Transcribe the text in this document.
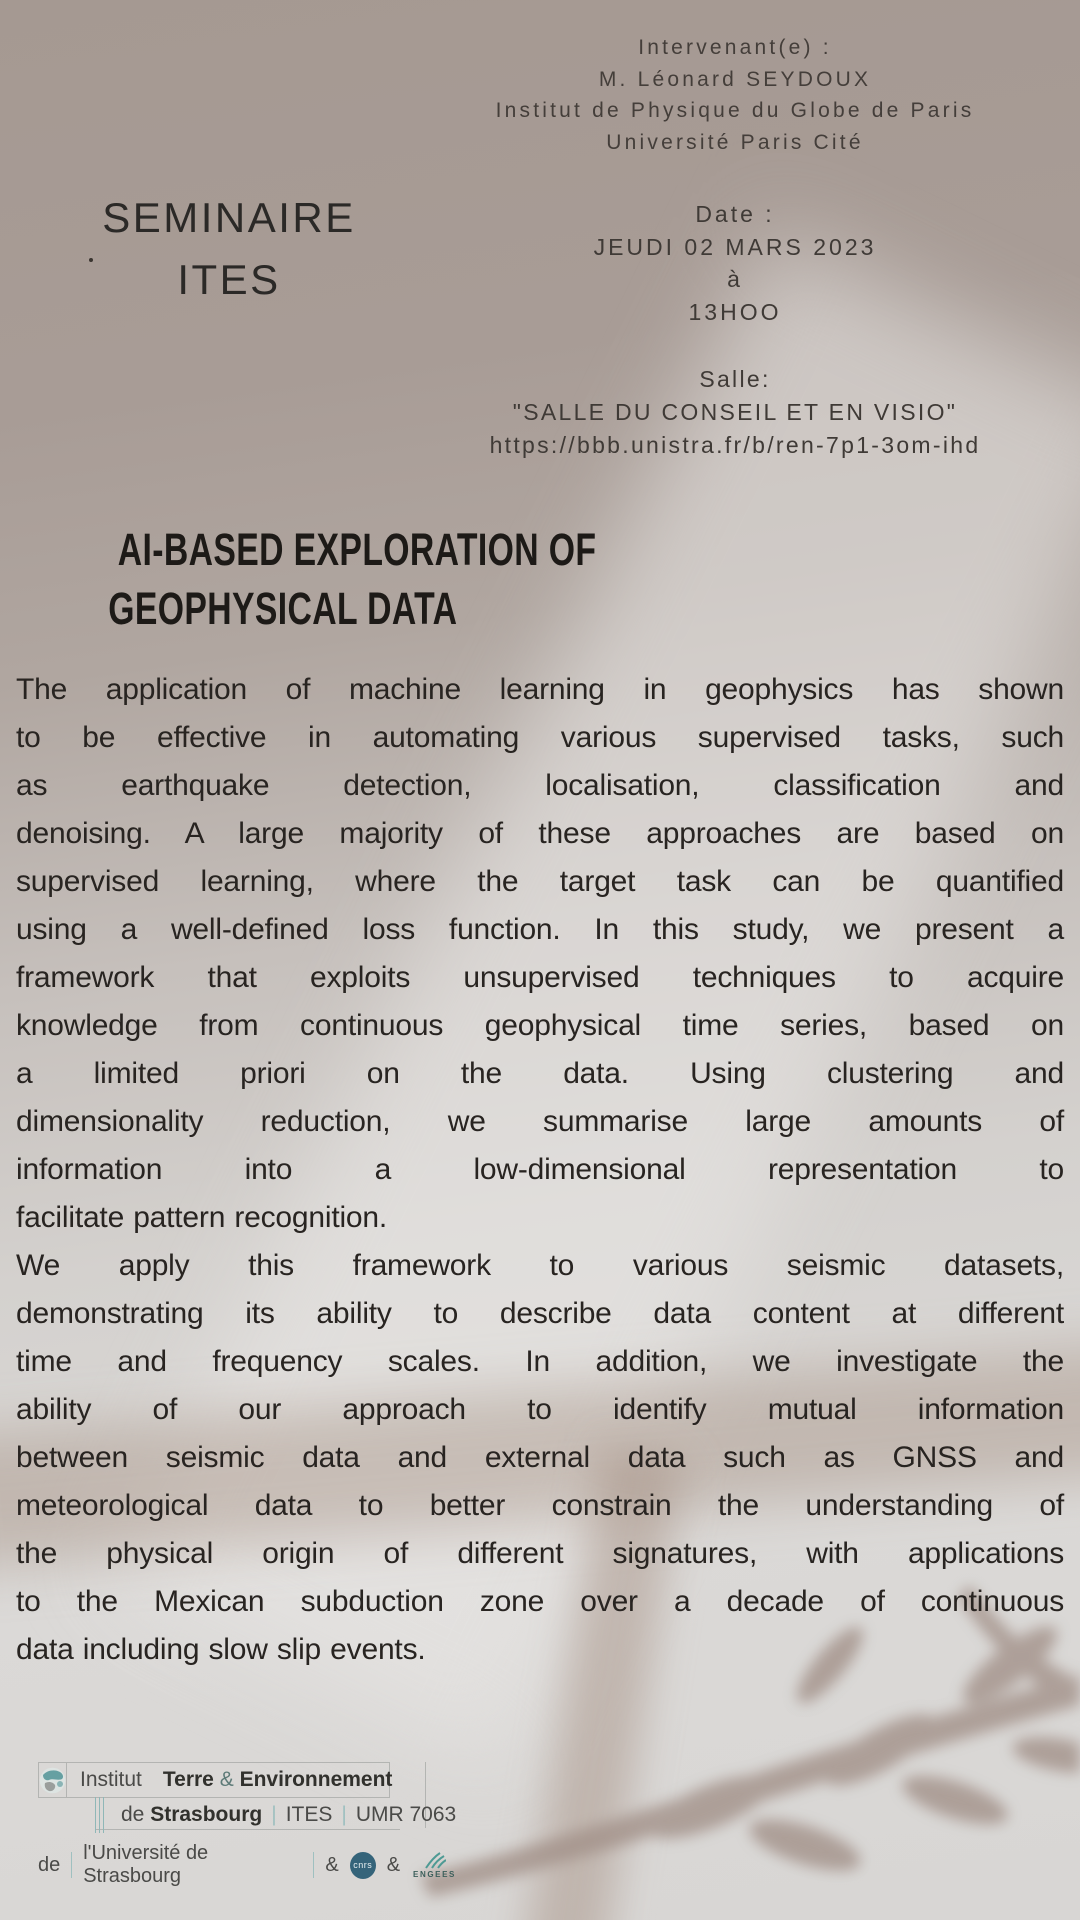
Intervenant(e) :
M. Léonard SEYDOUX
Institut de Physique du Globe de Paris
Université Paris Cité
SEMINAIRE
ITES
Date :
JEUDI 02 MARS 2023
à
13HOO
Salle:
"SALLE DU CONSEIL ET EN VISIO"
https://bbb.unistra.fr/b/ren-7p1-3om-ihd
AI-BASED EXPLORATION OF
GEOPHYSICAL DATA
The application of machine learning in geophysics has shown
to be effective in automating various supervised tasks, such
as earthquake detection, localisation, classification and
denoising. A large majority of these approaches are based on
supervised learning, where the target task can be quantified
using a well-defined loss function. In this study, we present a
framework that exploits unsupervised techniques to acquire
knowledge from continuous geophysical time series, based on
a limited priori on the data. Using clustering and
dimensionality reduction, we summarise large amounts of
information into a low-dimensional representation to
facilitate pattern recognition.
We apply this framework to various seismic datasets,
demonstrating its ability to describe data content at different
time and frequency scales. In addition, we investigate the
ability of our approach to identify mutual information
between seismic data and external data such as GNSS and
meteorological data to better constrain the understanding of
the physical origin of different signatures, with applications
to the Mexican subduction zone over a decade of continuous
data including slow slip events.
Institut	Terre & Environnement
de
Strasbourg | ITES | UMR 7063
de
l'Université de Strasbourg
&	cnrs & ENGEES
